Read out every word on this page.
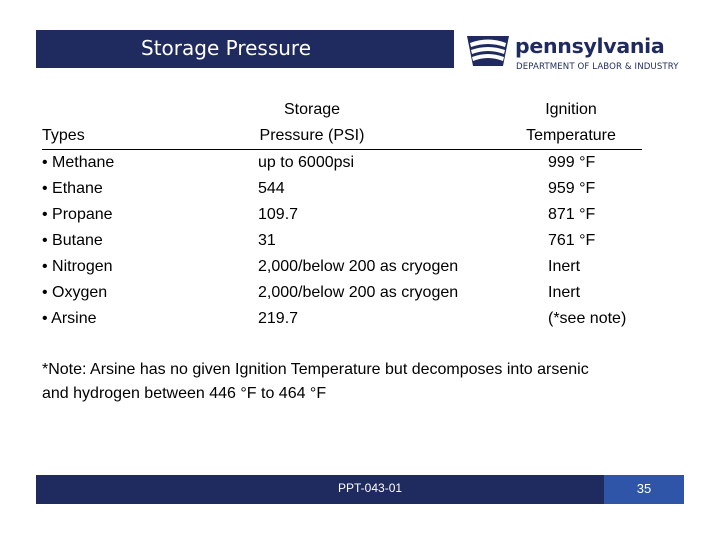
Storage Pressure	pennsylvania
DEPARTMENT OF LABOR & INDUSTRY
Types
• Methane
• Ethane
• Propane
• Butane
• Nitrogen
• Oxygen
• Arsine
Storage
Pressure (PSI)
up to 6000psi
544
109.7
31
2,000/below 200 as cryogen
2,000/below 200 as cryogen
219.7
Ignition
Temperature
999 °F
959 °F
871 °F
761 °F
Inert
Inert
(*see note)
*Note: Arsine has no given Ignition Temperature but decomposes into arsenic
and hydrogen between 446 °F to 464 °F
PPT-043-01	35
